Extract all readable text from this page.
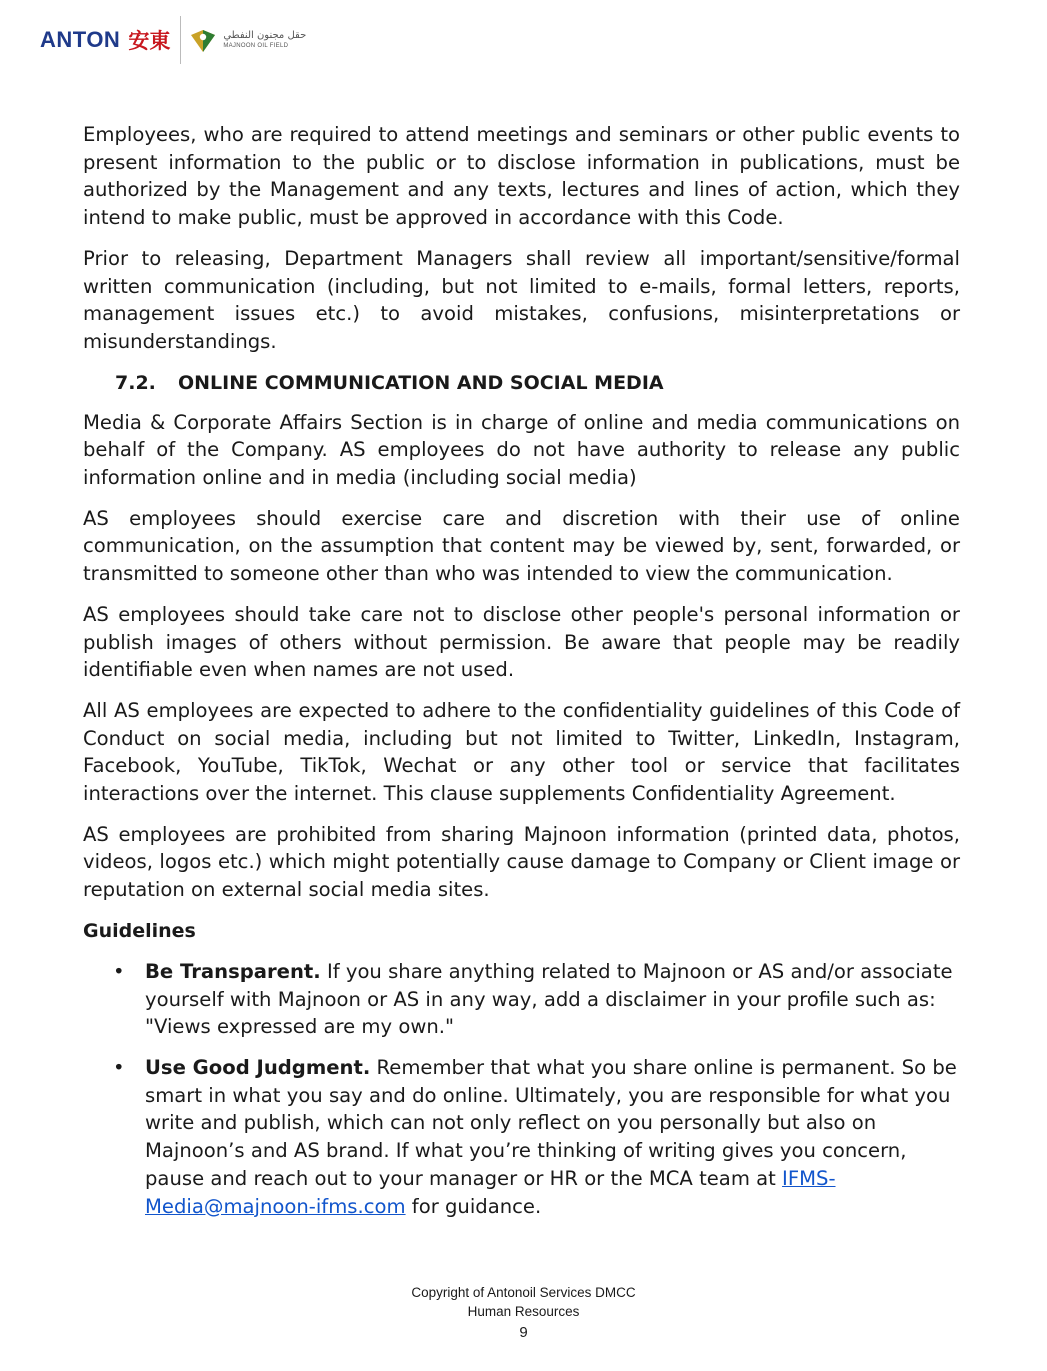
ANTON 安東	حقل مجنون النفطي
MAJNOON OIL FIELD

Employees, who are required to attend meetings and seminars or other public events to present information to the public or to disclose information in publications, must be authorized by the Management and any texts, lectures and lines of action, which they intend to make public, must be approved in accordance with this Code.

Prior to releasing, Department Managers shall review all important/sensitive/formal written communication (including, but not limited to e-mails, formal letters, reports, management issues etc.) to avoid mistakes, confusions, misinterpretations or misunderstandings.

7.2. ONLINE COMMUNICATION AND SOCIAL MEDIA

Media & Corporate Affairs Section is in charge of online and media communications on behalf of the Company. AS employees do not have authority to release any public information online and in media (including social media)

AS employees should exercise care and discretion with their use of online communication, on the assumption that content may be viewed by, sent, forwarded, or transmitted to someone other than who was intended to view the communication.

AS employees should take care not to disclose other people's personal information or publish images of others without permission. Be aware that people may be readily identifiable even when names are not used.

All AS employees are expected to adhere to the confidentiality guidelines of this Code of Conduct on social media, including but not limited to Twitter, LinkedIn, Instagram, Facebook, YouTube, TikTok, Wechat or any other tool or service that facilitates interactions over the internet. This clause supplements Confidentiality Agreement.

AS employees are prohibited from sharing Majnoon information (printed data, photos, videos, logos etc.) which might potentially cause damage to Company or Client image or reputation on external social media sites.

Guidelines
• Be Transparent. If you share anything related to Majnoon or AS and/or associate yourself with Majnoon or AS in any way, add a disclaimer in your profile such as: "Views expressed are my own."
• Use Good Judgment. Remember that what you share online is permanent. So be smart in what you say and do online. Ultimately, you are responsible for what you write and publish, which can not only reflect on you personally but also on Majnoon’s and AS brand. If what you’re thinking of writing gives you concern, pause and reach out to your manager or HR or the MCA team at IFMS-Media@majnoon-ifms.com for guidance.
Copyright of Antonoil Services DMCC
Human Resources
9
